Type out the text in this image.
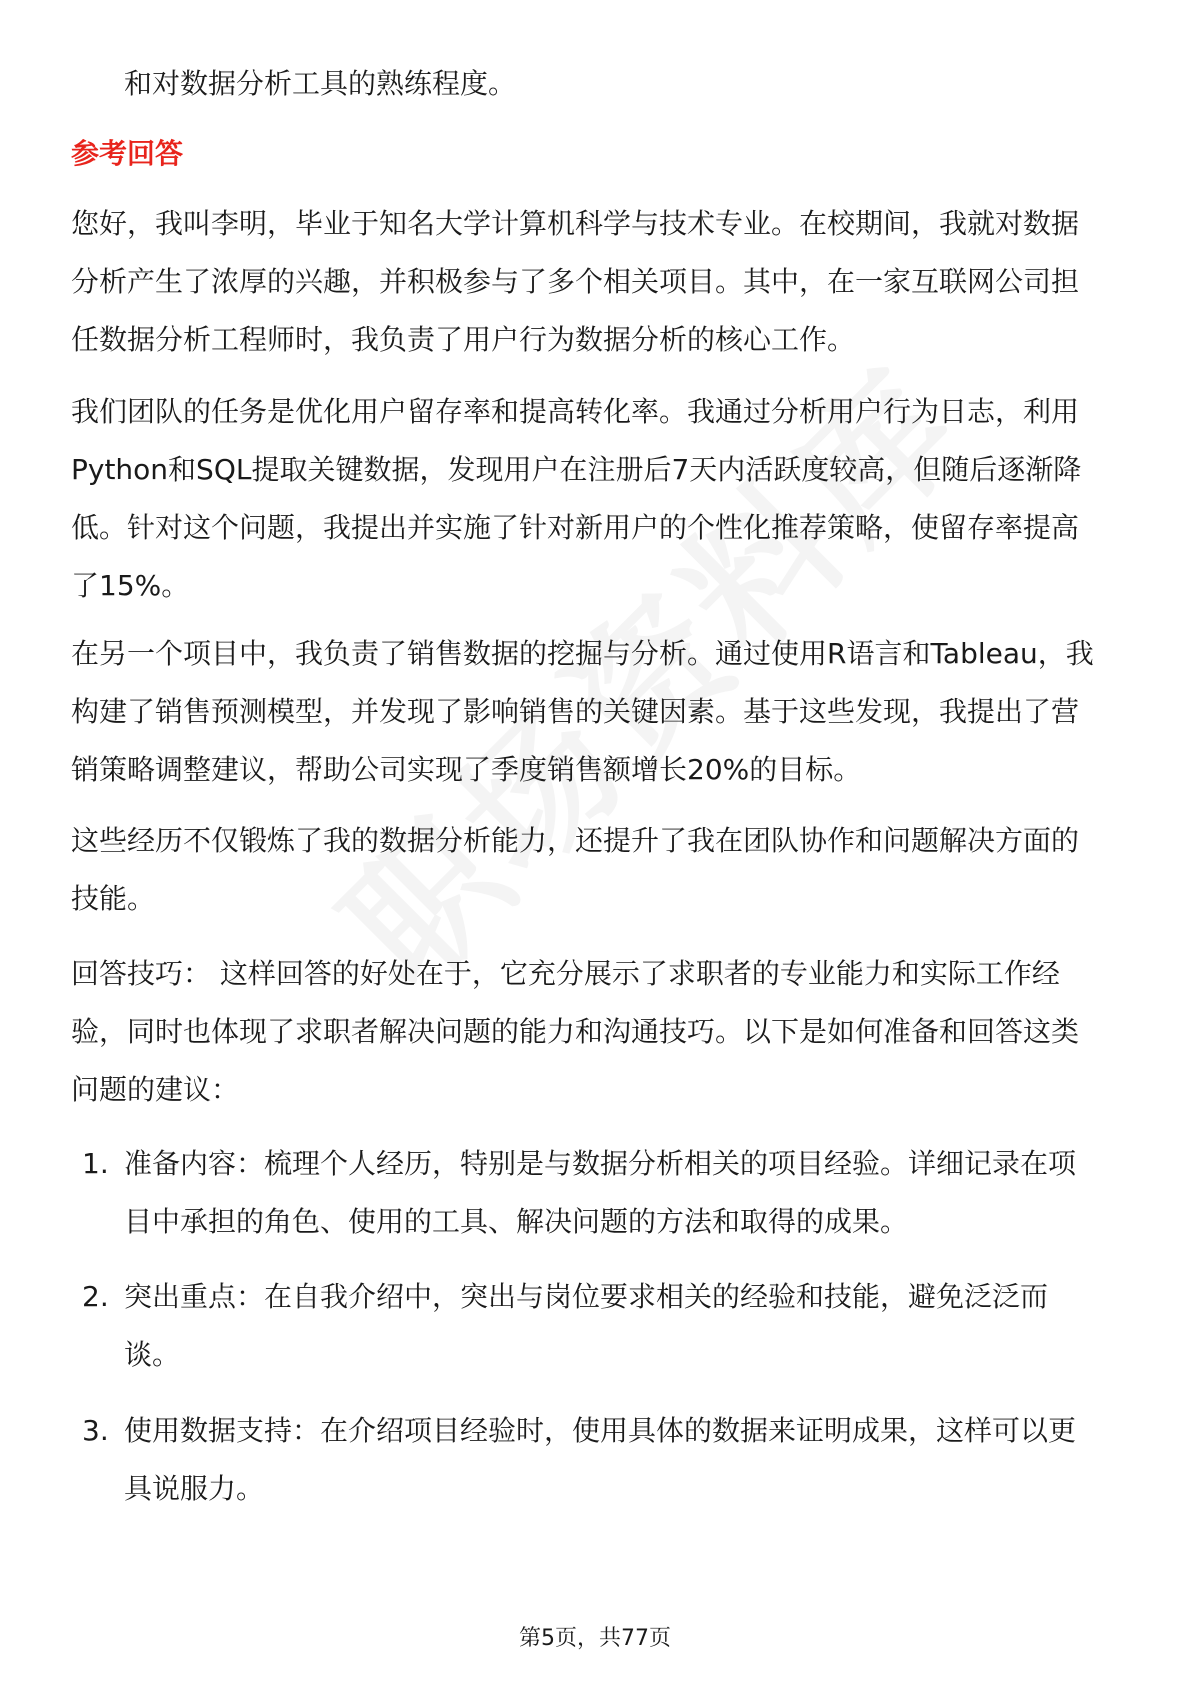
和对数据分析工具的熟练程度。

参考回答

您好，我叫李明，毕业于知名大学计算机科学与技术专业。在校期间，我就对数据
分析产生了浓厚的兴趣，并积极参与了多个相关项目。其中，在一家互联网公司担
任数据分析工程师时，我负责了用户行为数据分析的核心工作。

我们团队的任务是优化用户留存率和提高转化率。我通过分析用户行为日志，利用
Python和SQL提取关键数据，发现用户在注册后7天内活跃度较高，但随后逐渐降
低。针对这个问题，我提出并实施了针对新用户的个性化推荐策略，使留存率提高
了15%。

在另一个项目中，我负责了销售数据的挖掘与分析。通过使用R语言和Tableau，我
构建了销售预测模型，并发现了影响销售的关键因素。基于这些发现，我提出了营
销策略调整建议，帮助公司实现了季度销售额增长20%的目标。

这些经历不仅锻炼了我的数据分析能力，还提升了我在团队协作和问题解决方面的
技能。

回答技巧： 这样回答的好处在于，它充分展示了求职者的专业能力和实际工作经
验，同时也体现了求职者解决问题的能力和沟通技巧。以下是如何准备和回答这类
问题的建议：

1. 准备内容：梳理个人经历，特别是与数据分析相关的项目经验。详细记录在项
目中承担的角色、使用的工具、解决问题的方法和取得的成果。
2. 突出重点：在自我介绍中，突出与岗位要求相关的经验和技能，避免泛泛而
谈。
3. 使用数据支持：在介绍项目经验时，使用具体的数据来证明成果，这样可以更
具说服力。
第5页，共77页
